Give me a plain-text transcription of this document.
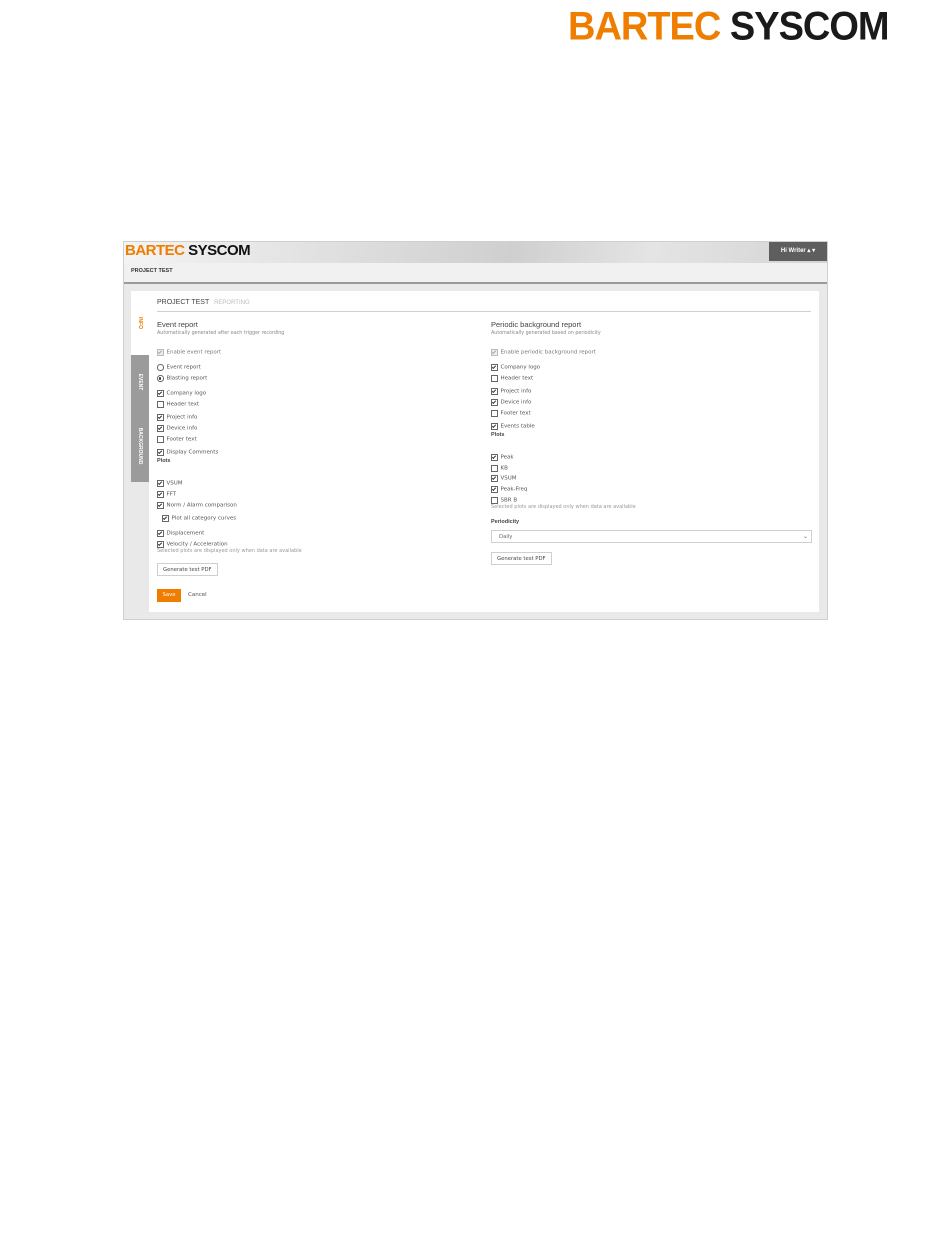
BARTEC SYSCOM
BARTEC SYSCOM	Hi Writer ▴ ▾
PROJECT TEST
INFO
EVENT
BACKGROUND
PROJECT TEST REPORTING
Event report
Automatically generated after each trigger recording
Enable event report
Event report
Blasting report
Company logo
Header text
Project info
Device info
Footer text
Display Comments
Plots
VSUM
FFT
Norm / Alarm comparison
Plot all category curves
Displacement
Velocity / Acceleration
Selected plots are displayed only when data are available
Generate test PDF
Save	Cancel
Periodic background report
Automatically generated based on periodicity
Enable periodic background report
Company logo
Header text
Project info
Device info
Footer text
Events table
Plots
Peak
KB
VSUM
Peak-Freq
SBR B
Selected plots are displayed only when data are available
Periodicity
Daily	⌄
Generate test PDF
